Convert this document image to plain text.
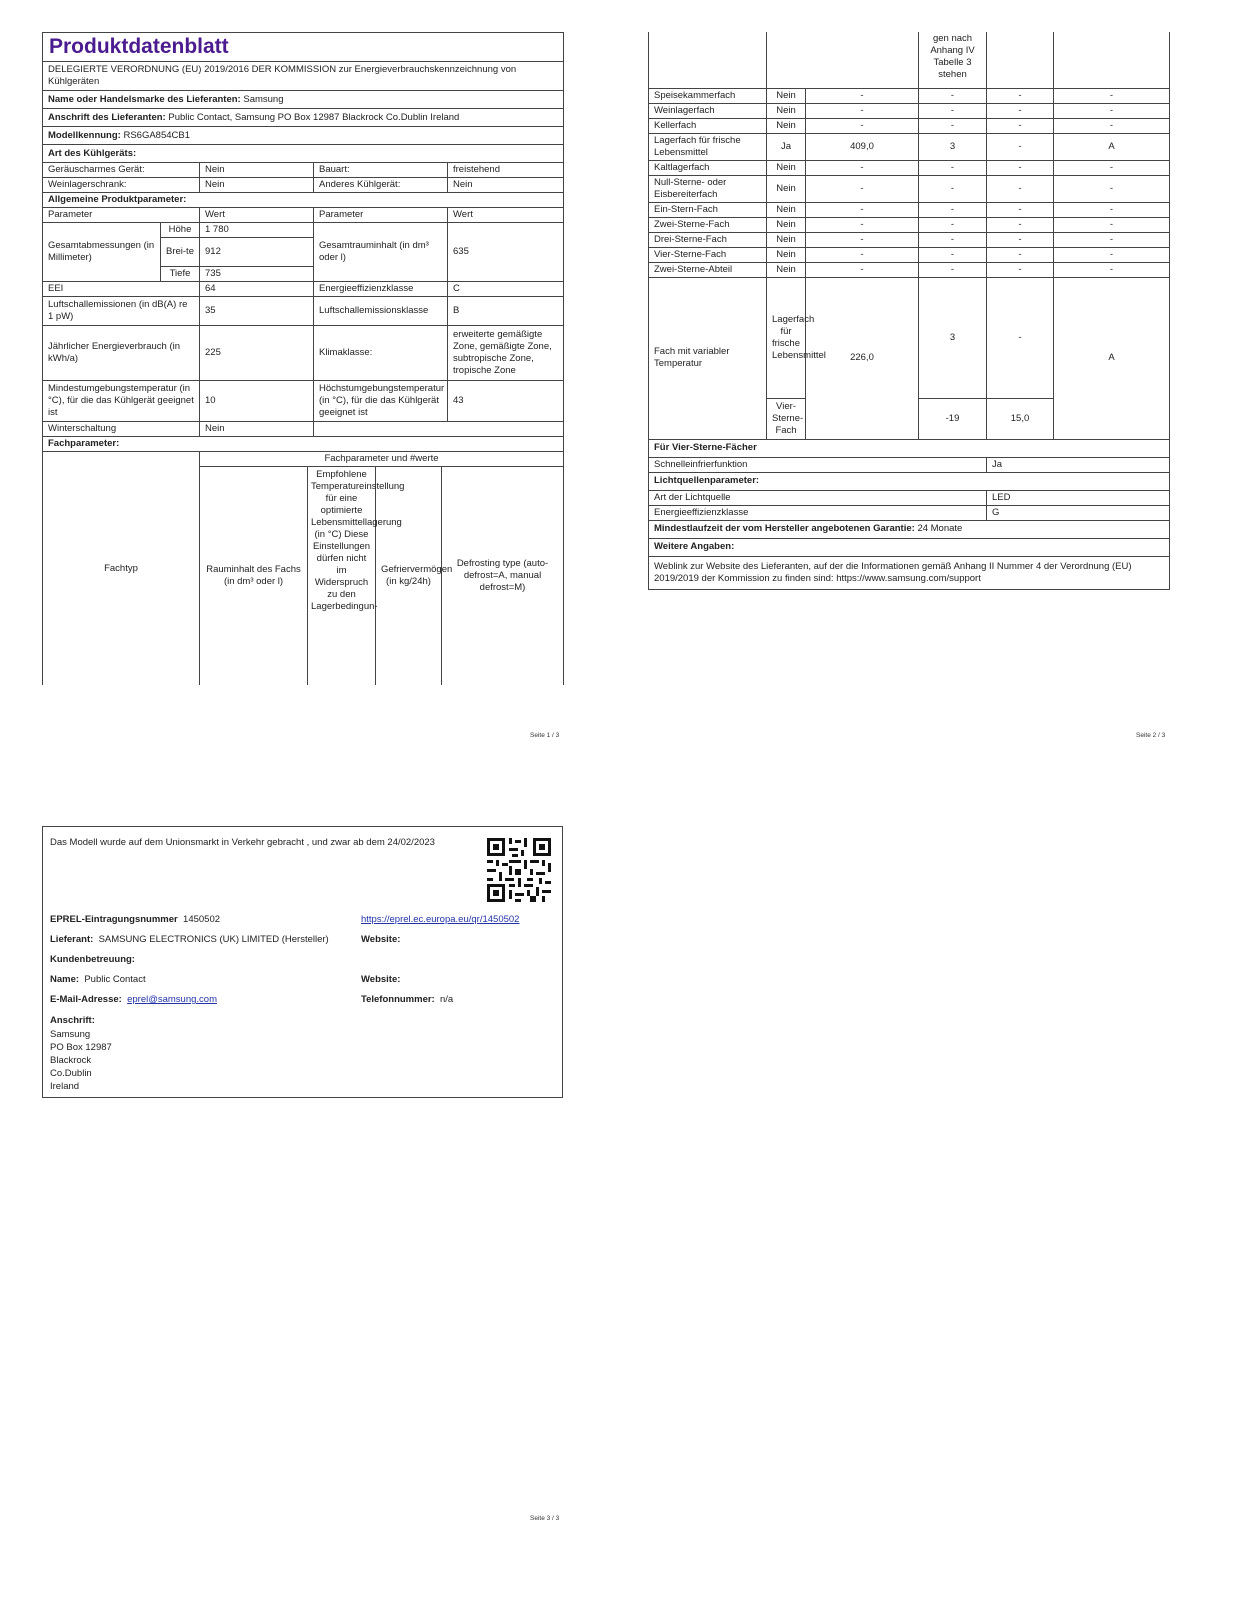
Produktdatenblatt				
DELEGIERTE VERORDNUNG (EU) 2019/2016 DER KOMMISSION zur Energieverbrauchskennzeichnung von Kühlgeräten				
Name oder Handelsmarke des Lieferanten: Samsung				
Anschrift des Lieferanten: Public Contact, Samsung PO Box 12987 Blackrock Co.Dublin Ireland				
Modellkennung: RS6GA854CB1				
Art des Kühlgeräts:				
Geräuscharmes Gerät:		Nein	Bauart:	freistehend
Weinlagerschrank:		Nein	Anderes Kühlgerät:	Nein
Allgemeine Produktparameter:				
Parameter		Wert	Parameter	Wert
Gesamtabmessungen (in Millimeter)	Höhe	1 780	Gesamtrauminhalt (in dm³ oder l)	635
	Brei-te	912		
	Tiefe	735		
EEI		64	Energieeffizienzklasse	C
Luftschallemissionen (in dB(A) re 1 pW)		35	Luftschallemissionsklasse	B
Jährlicher Energieverbrauch (in kWh/a)		225	Klimaklasse:	erweiterte gemäßigte Zone, gemäßigte Zone, subtropische Zone, tropische Zone
Mindestumgebungstemperatur (in °C), für die das Kühlgerät geeignet ist		10	Höchstumgebungstemperatur (in °C), für die das Kühlgerät geeignet ist	43
Winterschaltung		Nein		
Fachparameter:				
Fachtyp	Fachparameter und #werte			
	Rauminhalt des Fachs (in dm³ oder l)	Empfohlene Temperatureinstellung für eine optimierte Lebensmittellagerung (in °C) Diese Einstellungen dürfen nicht im Widerspruch zu den Lagerbedingun-	Gefriervermögen (in kg/24h)	Defrosting type (auto-defrost=A, manual defrost=M)
Seite 1 / 3
			gen nach Anhang IV Tabelle 3 stehen		
Speisekammerfach	Nein	-	-	-	-
Weinlagerfach	Nein	-	-	-	-
Kellerfach	Nein	-	-	-	-
Lagerfach für frische Lebensmittel	Ja	409,0	3	-	A
Kaltlagerfach	Nein	-	-	-	-
Null-Sterne- oder Eisbereiterfach	Nein	-	-	-	-
Ein-Stern-Fach	Nein	-	-	-	-
Zwei-Sterne-Fach	Nein	-	-	-	-
Drei-Sterne-Fach	Nein	-	-	-	-
Vier-Sterne-Fach	Nein	-	-	-	-
Zwei-Sterne-Abteil	Nein	-	-	-	-
Fach mit variabler Temperatur	Lagerfach für frische Lebensmittel	226,0	3	-	A
	Vier-Sterne-Fach		-19	15,0	
Für Vier-Sterne-Fächer					
Schnelleinfrierfunktion				Ja	
Lichtquellenparameter:					
Art der Lichtquelle				LED	
Energieeffizienzklasse				G	
Mindestlaufzeit der vom Hersteller angebotenen Garantie: 24 Monate					
Weitere Angaben:					
Weblink zur Website des Lieferanten, auf der die Informationen gemäß Anhang II Nummer 4 der Verordnung (EU) 2019/2019 der Kommission zu finden sind: https://www.samsung.com/support					
Seite 2 / 3
Das Modell wurde auf dem Unionsmarkt in Verkehr gebracht , und zwar ab dem 24/02/2023
EPREL-Eintragungsnummer 1450502	https://eprel.ec.europa.eu/qr/1450502
Lieferant: SAMSUNG ELECTRONICS (UK) LIMITED (Hersteller)	Website:
Kundenbetreuung:
Name: Public Contact	Website:
E-Mail-Adresse: eprel@samsung.com	Telefonnummer: n/a
Anschrift:
Samsung
PO Box 12987
Blackrock
Co.Dublin
Ireland
Seite 3 / 3
